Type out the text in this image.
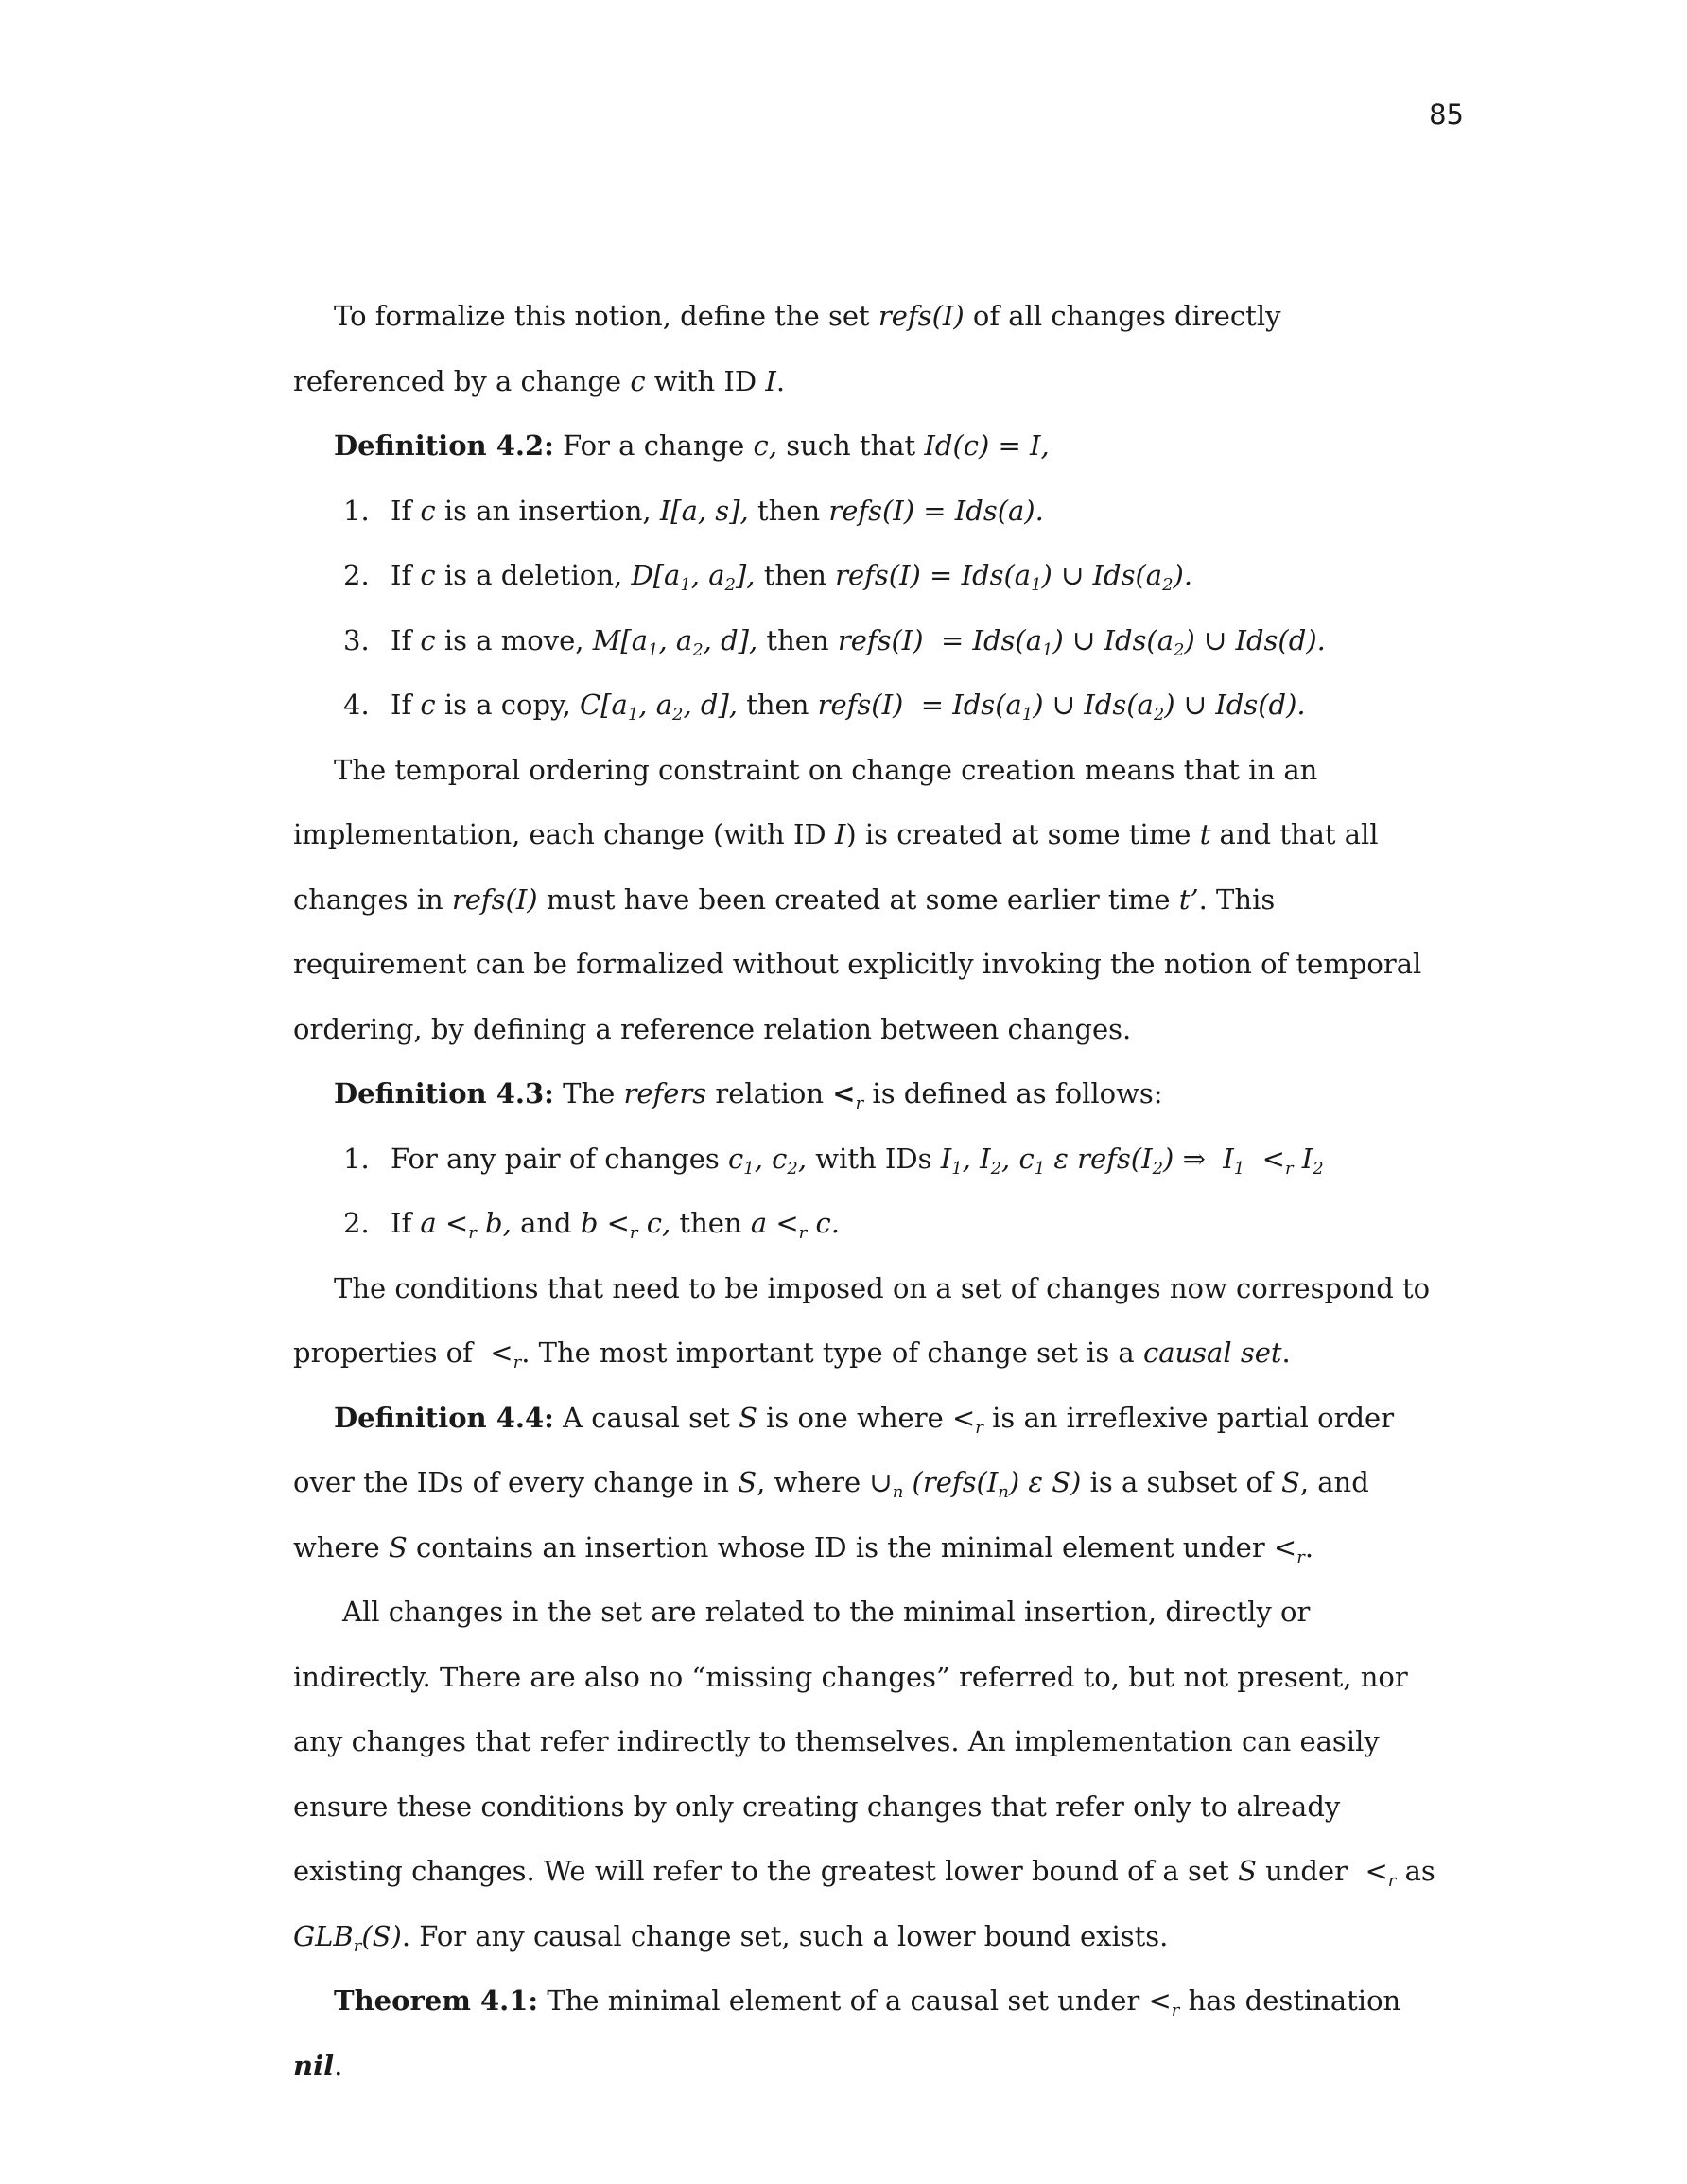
85

To formalize this notion, define the set refs(I) of all changes directly referenced by a change c with ID I.

Definition 4.2: For a change c, such that Id(c) = I,

1. If c is an insertion, I[a, s], then refs(I) = Ids(a).

2. If c is a deletion, $D[a_1$, $a_2$], then refs(I) = $Ids(a_1)$ ∪ $Ids(a_2)$.

3. If c is a move, $M[a_1$, $a_2$, d], then refs(I)  = $Ids(a_1)$ ∪ $Ids(a_2)$ ∪ Ids(d).

4. If c is a copy, $C[a_1$, $a_2$, d], then refs(I)  = $Ids(a_1)$ ∪ $Ids(a_2)$ ∪ Ids(d).

The temporal ordering constraint on change creation means that in an implementation, each change (with ID I) is created at some time t and that all changes in refs(I) must have been created at some earlier time t’. This requirement can be formalized without explicitly invoking the notion of temporal ordering, by defining a reference relation between changes.

Definition 4.3: The refers relation $<_r$ is defined as follows:

1. For any pair of changes $c_1$, $c_2$, with IDs $I_1$, $I_2$, $c_1$ ε $refs(I_2)$ ⇒  $I_1 <_r$ $I_2$

2. If $a <_r$ b, and $b <_r$ c, then $a <_r$ c.

The conditions that need to be imposed on a set of changes now correspond to properties of  $<_r$. The most important type of change set is a causal set.

Definition 4.4: A causal set S is one where $<_r$ is an irreflexive partial order over the IDs of every change in S, where $\cup_n$ ($refs(I_n)$ ε S) is a subset of S, and where S contains an insertion whose ID is the minimal element under $<_r$.

All changes in the set are related to the minimal insertion, directly or indirectly. There are also no “missing changes” referred to, but not present, nor any changes that refer indirectly to themselves. An implementation can easily ensure these conditions by only creating changes that refer only to already existing changes. We will refer to the greatest lower bound of a set S under  $<_r$ as $GLB_r(S)$. For any causal change set, such a lower bound exists.

Theorem 4.1: The minimal element of a causal set under $<_r$ has destination nil.
